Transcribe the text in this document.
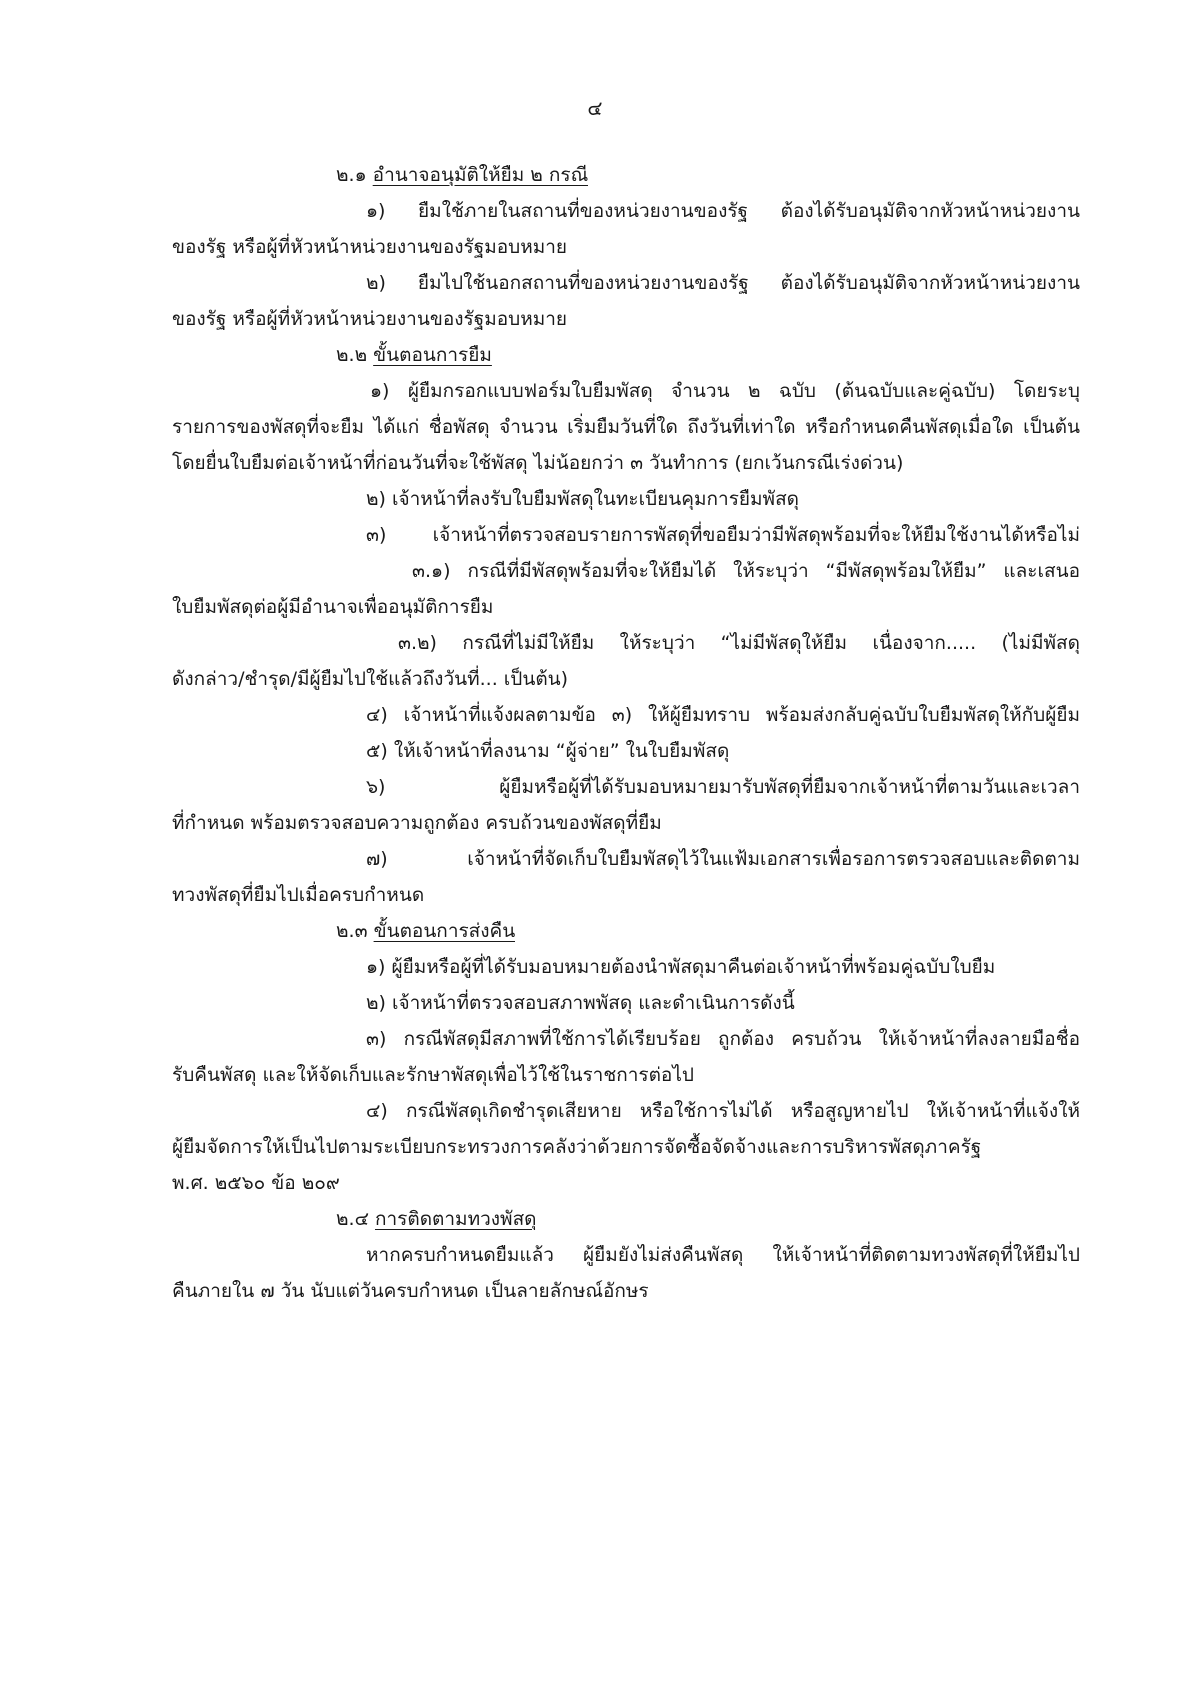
๔
๒.๑ อำนาจอนุมัติให้ยืม ๒ กรณี
๑) ยืมใช้ภายในสถานที่ของหน่วยงานของรัฐ ต้องได้รับอนุมัติจากหัวหน้าหน่วยงาน
ของรัฐ หรือผู้ที่หัวหน้าหน่วยงานของรัฐมอบหมาย
๒) ยืมไปใช้นอกสถานที่ของหน่วยงานของรัฐ ต้องได้รับอนุมัติจากหัวหน้าหน่วยงาน
ของรัฐ หรือผู้ที่หัวหน้าหน่วยงานของรัฐมอบหมาย
๒.๒ ขั้นตอนการยืม
๑) ผู้ยืมกรอกแบบฟอร์มใบยืมพัสดุ จำนวน ๒ ฉบับ (ต้นฉบับและคู่ฉบับ) โดยระบุ
รายการของพัสดุที่จะยืม ได้แก่ ชื่อพัสดุ จำนวน เริ่มยืมวันที่ใด ถึงวันที่เท่าใด หรือกำหนดคืนพัสดุเมื่อใด เป็นต้น
โดยยื่นใบยืมต่อเจ้าหน้าที่ก่อนวันที่จะใช้พัสดุ ไม่น้อยกว่า ๓ วันทำการ (ยกเว้นกรณีเร่งด่วน)
๒) เจ้าหน้าที่ลงรับใบยืมพัสดุในทะเบียนคุมการยืมพัสดุ
๓) เจ้าหน้าที่ตรวจสอบรายการพัสดุที่ขอยืมว่ามีพัสดุพร้อมที่จะให้ยืมใช้งานได้หรือไม่
๓.๑) กรณีที่มีพัสดุพร้อมที่จะให้ยืมได้ ให้ระบุว่า “มีพัสดุพร้อมให้ยืม” และเสนอ
ใบยืมพัสดุต่อผู้มีอำนาจเพื่ออนุมัติการยืม
๓.๒) กรณีที่ไม่มีให้ยืม ให้ระบุว่า “ไม่มีพัสดุให้ยืม เนื่องจาก..... (ไม่มีพัสดุ
ดังกล่าว/ชำรุด/มีผู้ยืมไปใช้แล้วถึงวันที่... เป็นต้น)
๔) เจ้าหน้าที่แจ้งผลตามข้อ ๓) ให้ผู้ยืมทราบ พร้อมส่งกลับคู่ฉบับใบยืมพัสดุให้กับผู้ยืม
๕) ให้เจ้าหน้าที่ลงนาม “ผู้จ่าย” ในใบยืมพัสดุ
๖) ผู้ยืมหรือผู้ที่ได้รับมอบหมายมารับพัสดุที่ยืมจากเจ้าหน้าที่ตามวันและเวลา
ที่กำหนด พร้อมตรวจสอบความถูกต้อง ครบถ้วนของพัสดุที่ยืม
๗) เจ้าหน้าที่จัดเก็บใบยืมพัสดุไว้ในแฟ้มเอกสารเพื่อรอการตรวจสอบและติดตาม
ทวงพัสดุที่ยืมไปเมื่อครบกำหนด
๒.๓ ขั้นตอนการส่งคืน
๑) ผู้ยืมหรือผู้ที่ได้รับมอบหมายต้องนำพัสดุมาคืนต่อเจ้าหน้าที่พร้อมคู่ฉบับใบยืม
๒) เจ้าหน้าที่ตรวจสอบสภาพพัสดุ และดำเนินการดังนี้
๓) กรณีพัสดุมีสภาพที่ใช้การได้เรียบร้อย ถูกต้อง ครบถ้วน ให้เจ้าหน้าที่ลงลายมือชื่อ
รับคืนพัสดุ และให้จัดเก็บและรักษาพัสดุเพื่อไว้ใช้ในราชการต่อไป
๔) กรณีพัสดุเกิดชำรุดเสียหาย หรือใช้การไม่ได้ หรือสูญหายไป ให้เจ้าหน้าที่แจ้งให้
ผู้ยืมจัดการให้เป็นไปตามระเบียบกระทรวงการคลังว่าด้วยการจัดซื้อจัดจ้างและการบริหารพัสดุภาครัฐ
พ.ศ. ๒๕๖๐ ข้อ ๒๐๙
๒.๔ การติดตามทวงพัสดุ
หากครบกำหนดยืมแล้ว ผู้ยืมยังไม่ส่งคืนพัสดุ ให้เจ้าหน้าที่ติดตามทวงพัสดุที่ให้ยืมไป
คืนภายใน ๗ วัน นับแต่วันครบกำหนด เป็นลายลักษณ์อักษร
